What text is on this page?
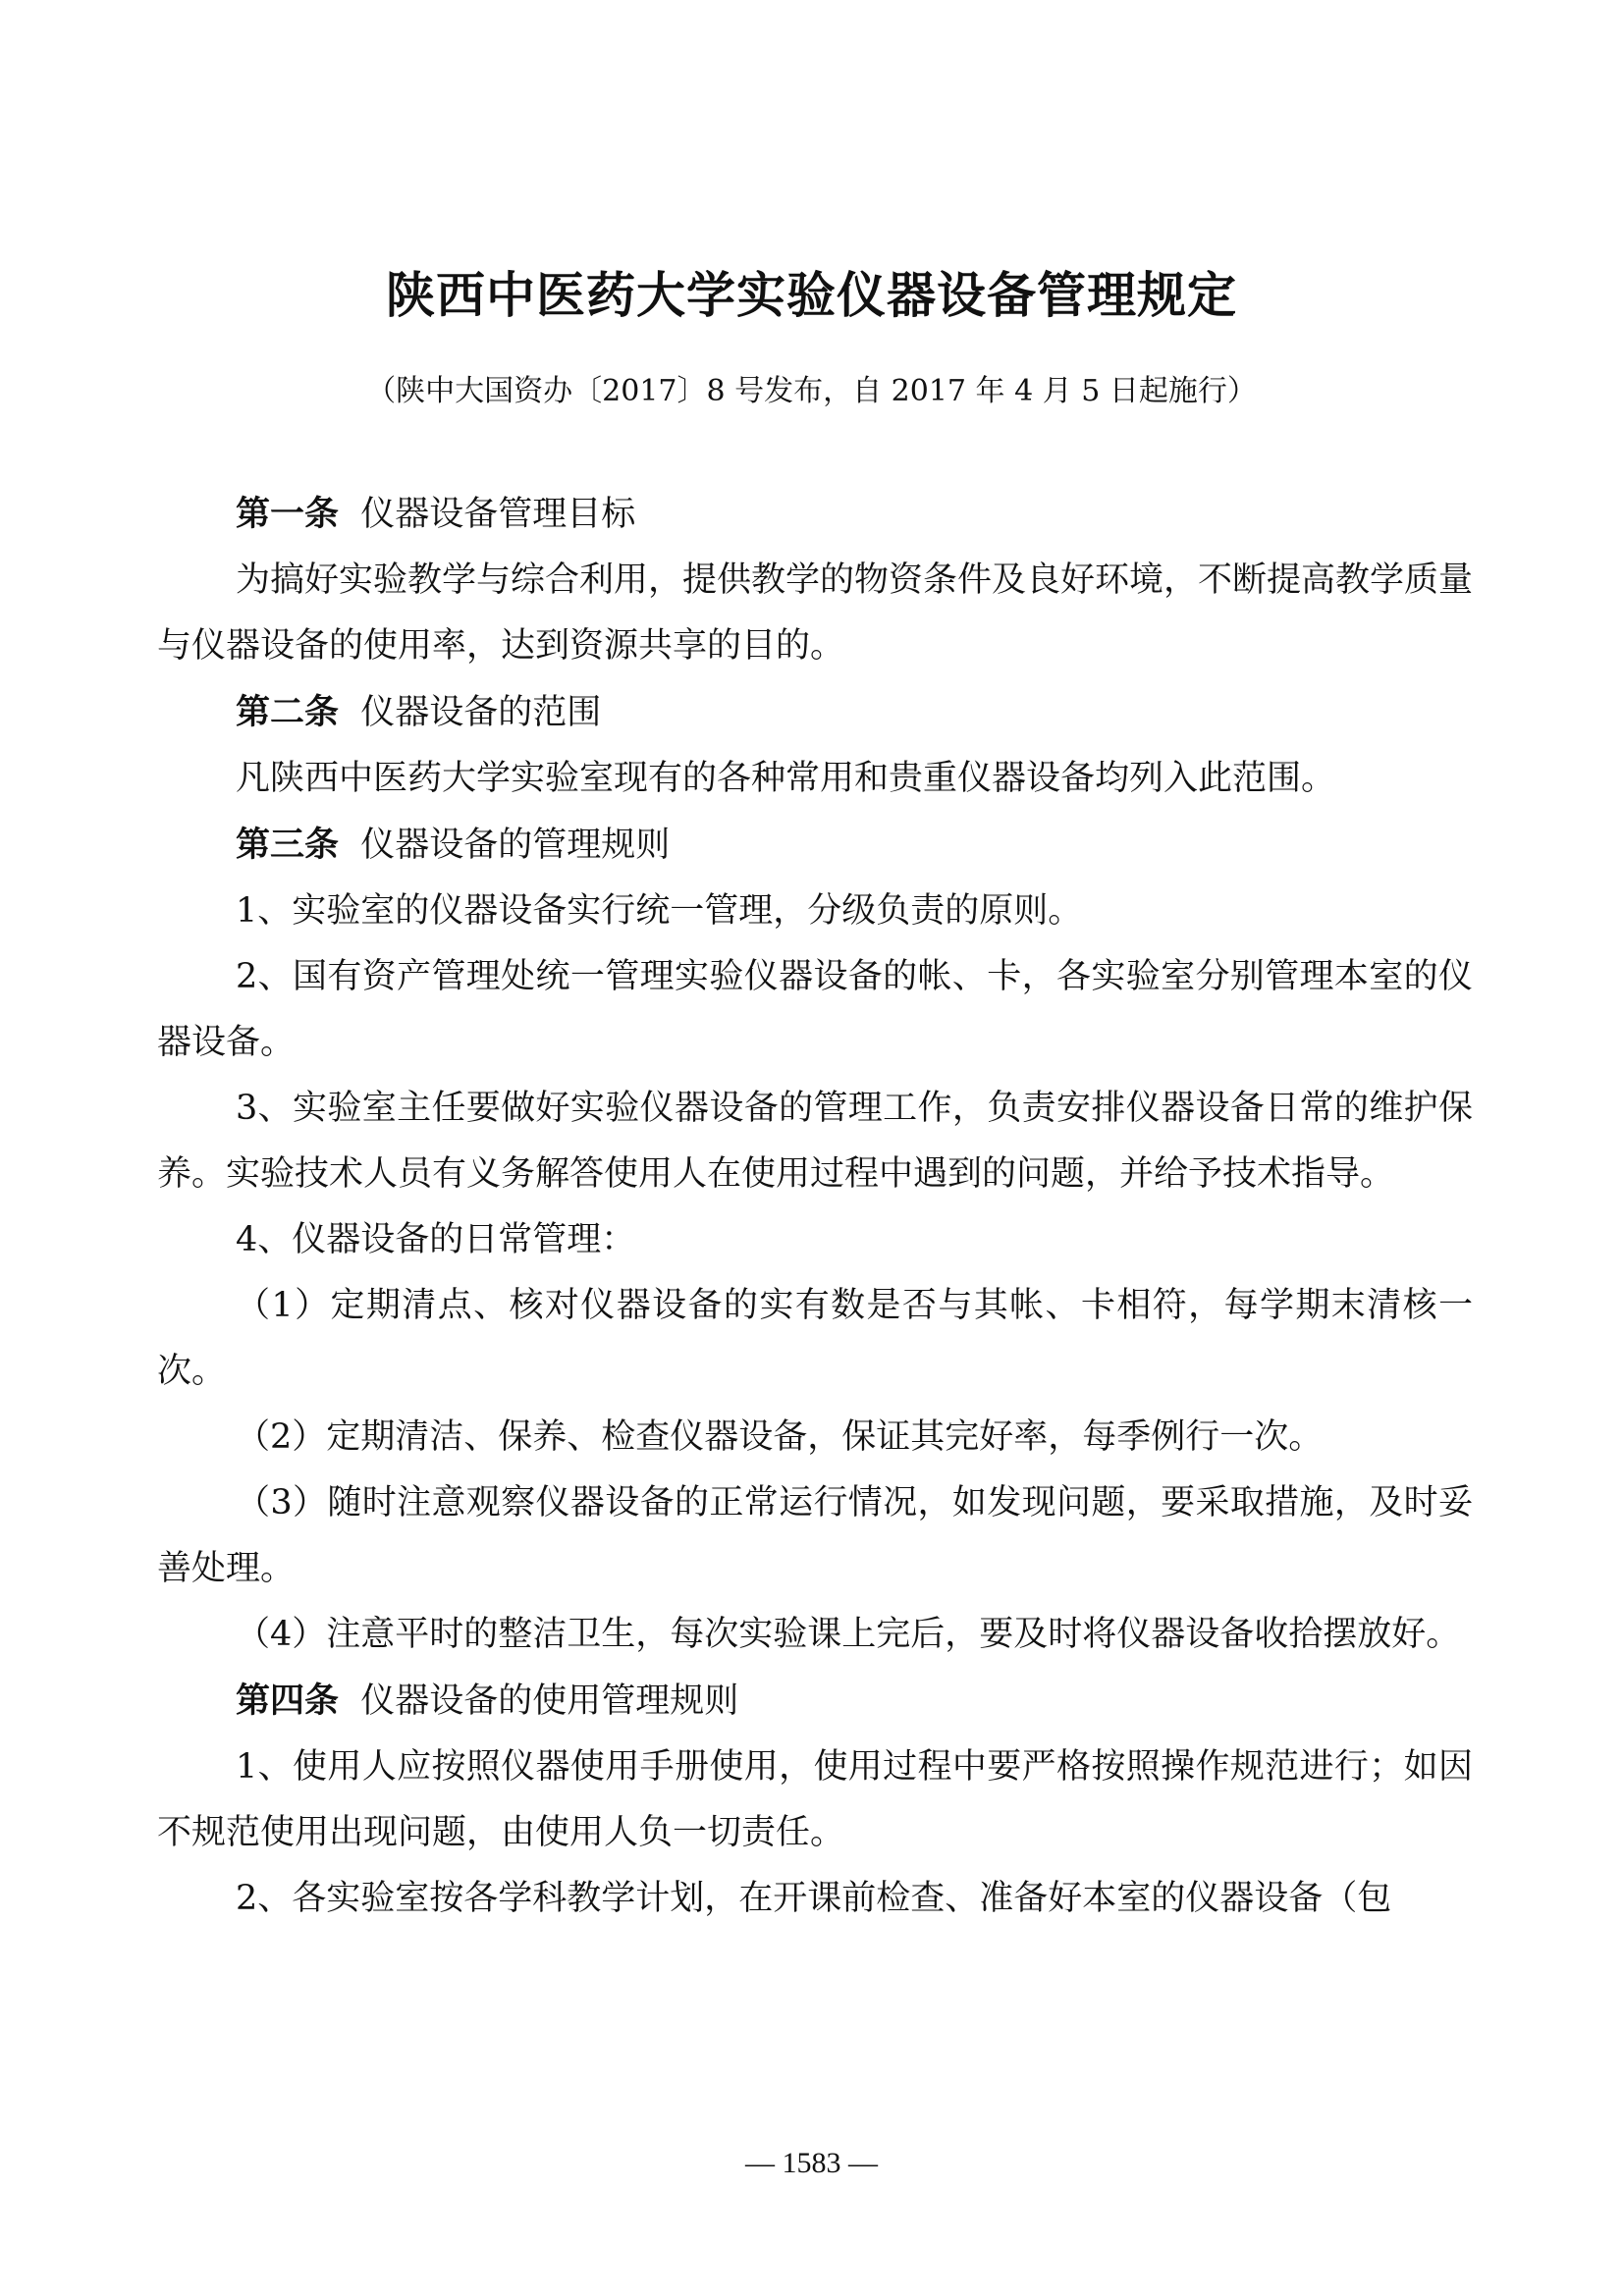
陕西中医药大学实验仪器设备管理规定
（陕中大国资办〔2017〕8 号发布，自 2017 年 4 月 5 日起施行）

第一条 仪器设备管理目标

为搞好实验教学与综合利用，提供教学的物资条件及良好环境，不断提高教学质量与仪器设备的使用率，达到资源共享的目的。

第二条 仪器设备的范围

凡陕西中医药大学实验室现有的各种常用和贵重仪器设备均列入此范围。

第三条 仪器设备的管理规则

1、实验室的仪器设备实行统一管理，分级负责的原则。

2、国有资产管理处统一管理实验仪器设备的帐、卡，各实验室分别管理本室的仪器设备。

3、实验室主任要做好实验仪器设备的管理工作，负责安排仪器设备日常的维护保养。实验技术人员有义务解答使用人在使用过程中遇到的问题，并给予技术指导。

4、仪器设备的日常管理：

（1）定期清点、核对仪器设备的实有数是否与其帐、卡相符，每学期末清核一次。

（2）定期清洁、保养、检查仪器设备，保证其完好率，每季例行一次。

（3）随时注意观察仪器设备的正常运行情况，如发现问题，要采取措施，及时妥善处理。

（4）注意平时的整洁卫生，每次实验课上完后，要及时将仪器设备收拾摆放好。

第四条 仪器设备的使用管理规则

1、使用人应按照仪器使用手册使用，使用过程中要严格按照操作规范进行；如因不规范使用出现问题，由使用人负一切责任。

2、各实验室按各学科教学计划，在开课前检查、准备好本室的仪器设备（包

— 1583 —
